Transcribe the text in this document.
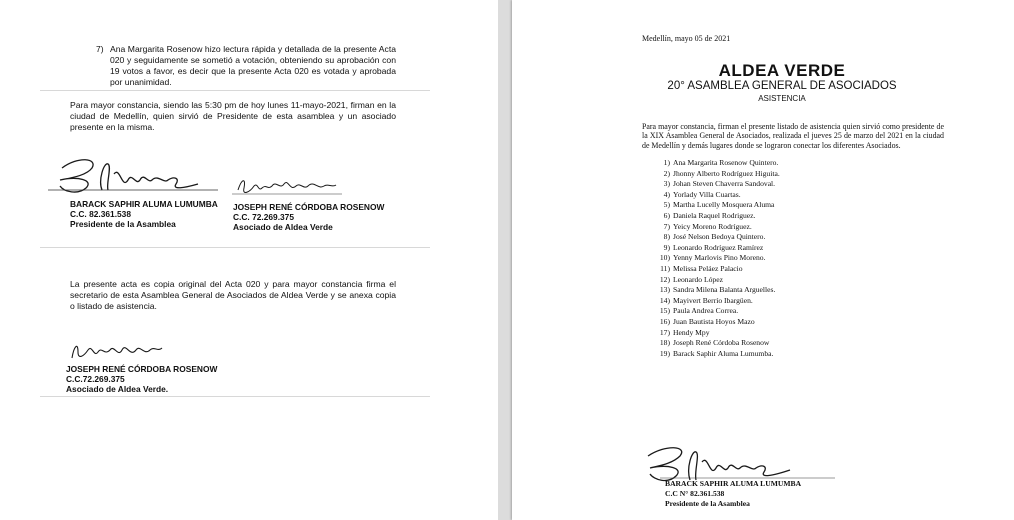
7) Ana Margarita Rosenow hizo lectura rápida y detallada de la presente Acta 020 y seguidamente se sometió a votación, obteniendo su aprobación con 19 votos a favor, es decir que la presente Acta 020 es votada y aprobada por unanimidad.

Para mayor constancia, siendo las 5:30 pm de hoy lunes 11-mayo-2021, firman en la ciudad de Medellín, quien sirvió de Presidente de esta asamblea y un asociado presente en la misma.

BARACK SAPHIR ALUMA LUMUMBA
C.C. 82.361.538
Presidente de la Asamblea
JOSEPH RENÉ CÓRDOBA ROSENOW
C.C. 72.269.375
Asociado de Aldea Verde

La presente acta es copia original del Acta 020 y para mayor constancia firma el secretario de esta Asamblea General de Asociados de Aldea Verde y se anexa copia o listado de asistencia.

JOSEPH RENÉ CÓRDOBA ROSENOW
C.C.72.269.375
Asociado de Aldea Verde.
Medellín, mayo 05 de 2021
ALDEA VERDE
20° ASAMBLEA GENERAL DE ASOCIADOS
ASISTENCIA

Para mayor constancia, firman el presente listado de asistencia quien sirvió como presidente de la XIX Asamblea General de Asociados, realizada el jueves 25 de marzo del 2021 en la ciudad de Medellín y demás lugares donde se lograron conectar los diferentes Asociados.

1) Ana Margarita Rosenow Quintero.
2) Jhonny Alberto Rodríguez Higuita.
3) Johan Steven Chaverra Sandoval.
4) Yorlady Villa Cuartas.
5) Martha Lucelly Mosquera Aluma
6) Daniela Raquel Rodriguez.
7) Yeicy Moreno Rodríguez.
8) José Nelson Bedoya Quintero.
9) Leonardo Rodríguez Ramírez
10) Yenny Marlovis Pino Moreno.
11) Melissa Peláez Palacio
12) Leonardo López
13) Sandra Milena Balanta Arguelles.
14) Mayivert Berrío Ibargüen.
15) Paula Andrea Correa.
16) Juan Bautista Hoyos Mazo
17) Hendy Mpy
18) Joseph René Córdoba Rosenow
19) Barack Saphir Aluma Lumumba.
BARACK SAPHIR ALUMA LUMUMBA
C.C N° 82.361.538
Presidente de la Asamblea
